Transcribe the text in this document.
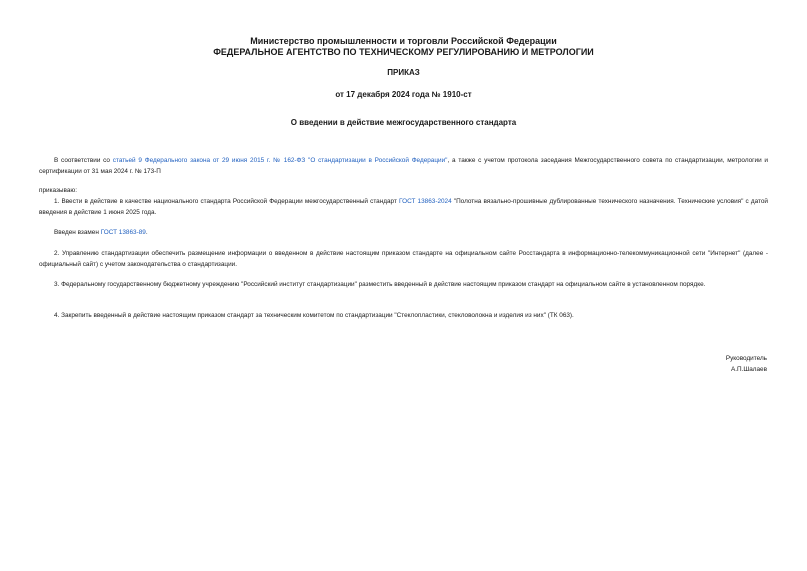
Министерство промышленности и торговли Российской Федерации
ФЕДЕРАЛЬНОЕ АГЕНТСТВО ПО ТЕХНИЧЕСКОМУ РЕГУЛИРОВАНИЮ И МЕТРОЛОГИИ
ПРИКАЗ
от 17 декабря 2024 года № 1910-ст
О введении в действие межгосударственного стандарта

В соответствии со статьей 9 Федерального закона от 29 июня 2015 г. № 162-ФЗ "О стандартизации в Российской Федерации", а также с учетом протокола заседания Межгосударственного совета по стандартизации, метрологии и сертификации от 31 мая 2024 г. № 173-П

приказываю:

1. Ввести в действие в качестве национального стандарта Российской Федерации межгосударственный стандарт ГОСТ 13863-2024 "Полотна вязально-прошивные дублированные технического назначения. Технические условия" с датой введения в действие 1 июня 2025 года.

Введен взамен ГОСТ 13863-89.

2. Управлению стандартизации обеспечить размещение информации о введенном в действие настоящим приказом стандарте на официальном сайте Росстандарта в информационно-телекоммуникационной сети "Интернет" (далее - официальный сайт) с учетом законодательства о стандартизации.

3. Федеральному государственному бюджетному учреждению "Российский институт стандартизации" разместить введенный в действие настоящим приказом стандарт на официальном сайте в установленном порядке.

4. Закрепить введенный в действие настоящим приказом стандарт за техническим комитетом по стандартизации "Стеклопластики, стекловолокна и изделия из них" (ТК 063).

Руководитель
А.П.Шалаев
